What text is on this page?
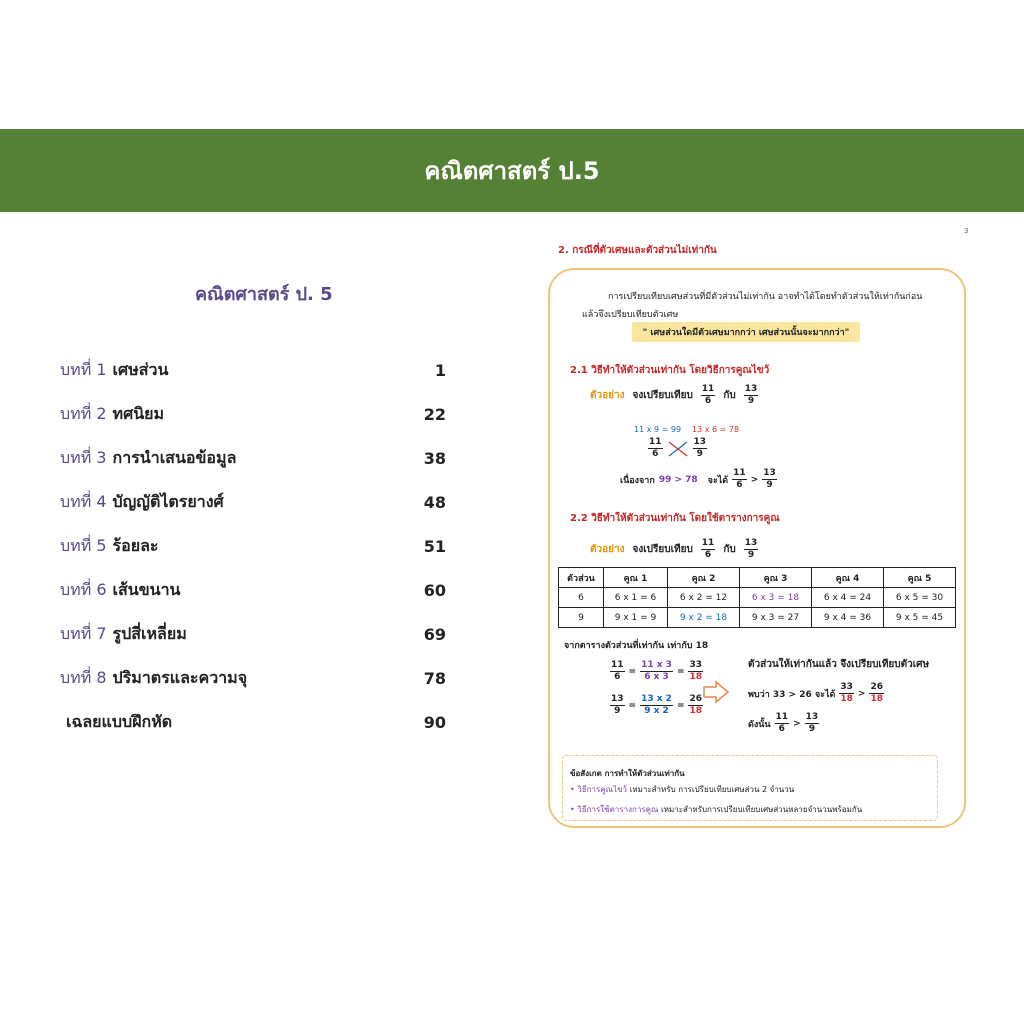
คณิตศาสตร์ ป.5
คณิตศาสตร์ ป. 5
บทที่ 1 เศษส่วน	1
บทที่ 2 ทศนิยม	22
บทที่ 3 การนำเสนอข้อมูล	38
บทที่ 4 บัญญัติไตรยางศ์	48
บทที่ 5 ร้อยละ	51
บทที่ 6 เส้นขนาน	60
บทที่ 7 รูปสี่เหลี่ยม	69
บทที่ 8 ปริมาตรและความจุ	78
เฉลยแบบฝึกหัด	90
3
2. กรณีที่ตัวเศษและตัวส่วนไม่เท่ากัน
การเปรียบเทียบเศษส่วนที่มีตัวส่วนไม่เท่ากัน อาจทำได้โดยทำตัวส่วนให้เท่ากันก่อน
แล้วจึงเปรียบเทียบตัวเศษ
" เศษส่วนใดมีตัวเศษมากกว่า เศษส่วนนั้นจะมากกว่า"
2.1 วิธีทำให้ตัวส่วนเท่ากัน โดยวิธีการคูณไขว้
ตัวอย่าง จงเปรียบเทียบ $\frac{11}{6}$ กับ $\frac{13}{9}$
11 x 9 = 99 13 x 6 = 78
$\frac{11}{6}$	$\frac{13}{9}$
เนื่องจาก 99 > 78 จะได้ $\frac{11}{6} > \frac{13}{9}$
2.2 วิธีทำให้ตัวส่วนเท่ากัน โดยใช้ตารางการคูณ
ตัวอย่าง จงเปรียบเทียบ $\frac{11}{6}$ กับ $\frac{13}{9}$
ตัวส่วน	คูณ 1	คูณ 2	คูณ 3	คูณ 4	คูณ 5
6	6 x 1 = 6	6 x 2 = 12	6 x 3 = 18	6 x 4 = 24	6 x 5 = 30
9	9 x 1 = 9	9 x 2 = 18	9 x 3 = 27	9 x 4 = 36	9 x 5 = 45
จากตารางตัวส่วนที่เท่ากัน เท่ากับ 18
$\frac{11}{6} = \frac{11 x 3}{6 x 3} = \frac{33}{18}$
$\frac{13}{9} = \frac{13 x 2}{9 x 2} = \frac{26}{18}$
ตัวส่วนให้เท่ากันแล้ว จึงเปรียบเทียบตัวเศษ
พบว่า 33 > 26 จะได้ $\frac{33}{18} > \frac{26}{18}$
ดังนั้น $\frac{11}{6} > \frac{13}{9}$
ข้อสังเกต การทำให้ตัวส่วนเท่ากัน
• วิธีการคูณไขว้ เหมาะสำหรับ การเปรียบเทียบเศษส่วน 2 จำนวน
• วิธีการใช้ตารางการคูณ เหมาะสำหรับการเปรียบเทียบเศษส่วนหลายจำนวนพร้อมกัน
